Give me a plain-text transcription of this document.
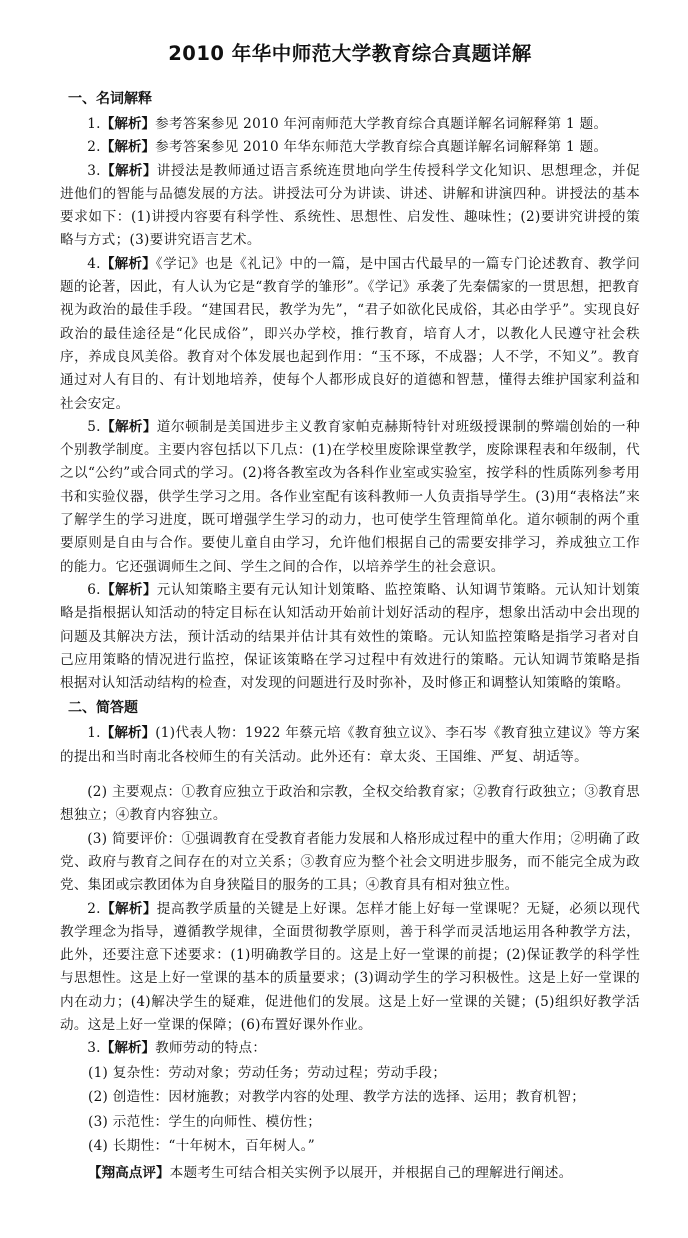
2010 年华中师范大学教育综合真题详解
一、名词解释

1.【解析】参考答案参见 2010 年河南师范大学教育综合真题详解名词解释第 1 题。

2.【解析】参考答案参见 2010 年华东师范大学教育综合真题详解名词解释第 1 题。

3.【解析】讲授法是教师通过语言系统连贯地向学生传授科学文化知识、思想理念，并促进他们的智能与品德发展的方法。讲授法可分为讲读、讲述、讲解和讲演四种。讲授法的基本要求如下：(1)讲授内容要有科学性、系统性、思想性、启发性、趣味性；(2)要讲究讲授的策略与方式；(3)要讲究语言艺术。

4.【解析】《学记》也是《礼记》中的一篇，是中国古代最早的一篇专门论述教育、教学问题的论著，因此，有人认为它是“教育学的雏形”。《学记》承袭了先秦儒家的一贯思想，把教育视为政治的最佳手段。“建国君民，教学为先”，“君子如欲化民成俗，其必由学乎”。实现良好政治的最佳途径是“化民成俗”，即兴办学校，推行教育，培育人才，以教化人民遵守社会秩序，养成良风美俗。教育对个体发展也起到作用：“玉不琢，不成器；人不学，不知义”。教育通过对人有目的、有计划地培养，使每个人都形成良好的道德和智慧，懂得去维护国家利益和社会安定。

5.【解析】道尔顿制是美国进步主义教育家帕克赫斯特针对班级授课制的弊端创始的一种个别教学制度。主要内容包括以下几点：(1)在学校里废除课堂教学，废除课程表和年级制，代之以“公约”或合同式的学习。(2)将各教室改为各科作业室或实验室，按学科的性质陈列参考用书和实验仪器，供学生学习之用。各作业室配有该科教师一人负责指导学生。(3)用“表格法”来了解学生的学习进度，既可增强学生学习的动力，也可使学生管理简单化。道尔顿制的两个重要原则是自由与合作。要使儿童自由学习，允许他们根据自己的需要安排学习，养成独立工作的能力。它还强调师生之间、学生之间的合作，以培养学生的社会意识。

6.【解析】元认知策略主要有元认知计划策略、监控策略、认知调节策略。元认知计划策略是指根据认知活动的特定目标在认知活动开始前计划好活动的程序，想象出活动中会出现的问题及其解决方法，预计活动的结果并估计其有效性的策略。元认知监控策略是指学习者对自己应用策略的情况进行监控，保证该策略在学习过程中有效进行的策略。元认知调节策略是指根据对认知活动结构的检查，对发现的问题进行及时弥补，及时修正和调整认知策略的策略。

二、简答题

1.【解析】(1)代表人物：1922 年蔡元培《教育独立议》、李石岑《教育独立建议》等方案的提出和当时南北各校师生的有关活动。此外还有：章太炎、王国维、严复、胡适等。

(2) 主要观点：①教育应独立于政治和宗教，全权交给教育家；②教育行政独立；③教育思想独立；④教育内容独立。

(3) 简要评价：①强调教育在受教育者能力发展和人格形成过程中的重大作用；②明确了政党、政府与教育之间存在的对立关系；③教育应为整个社会文明进步服务，而不能完全成为政党、集团或宗教团体为自身狭隘目的服务的工具；④教育具有相对独立性。

2.【解析】提高教学质量的关键是上好课。怎样才能上好每一堂课呢？无疑，必须以现代教学理念为指导，遵循教学规律，全面贯彻教学原则，善于科学而灵活地运用各种教学方法，此外，还要注意下述要求：(1)明确教学目的。这是上好一堂课的前提；(2)保证教学的科学性与思想性。这是上好一堂课的基本的质量要求；(3)调动学生的学习积极性。这是上好一堂课的内在动力；(4)解决学生的疑难，促进他们的发展。这是上好一堂课的关键；(5)组织好教学活动。这是上好一堂课的保障；(6)布置好课外作业。

3.【解析】教师劳动的特点：

(1) 复杂性：劳动对象；劳动任务；劳动过程；劳动手段；
(2) 创造性：因材施教；对教学内容的处理、教学方法的选择、运用；教育机智；
(3) 示范性：学生的向师性、模仿性；
(4) 长期性：“十年树木，百年树人。”

【翔高点评】本题考生可结合相关实例予以展开，并根据自己的理解进行阐述。
